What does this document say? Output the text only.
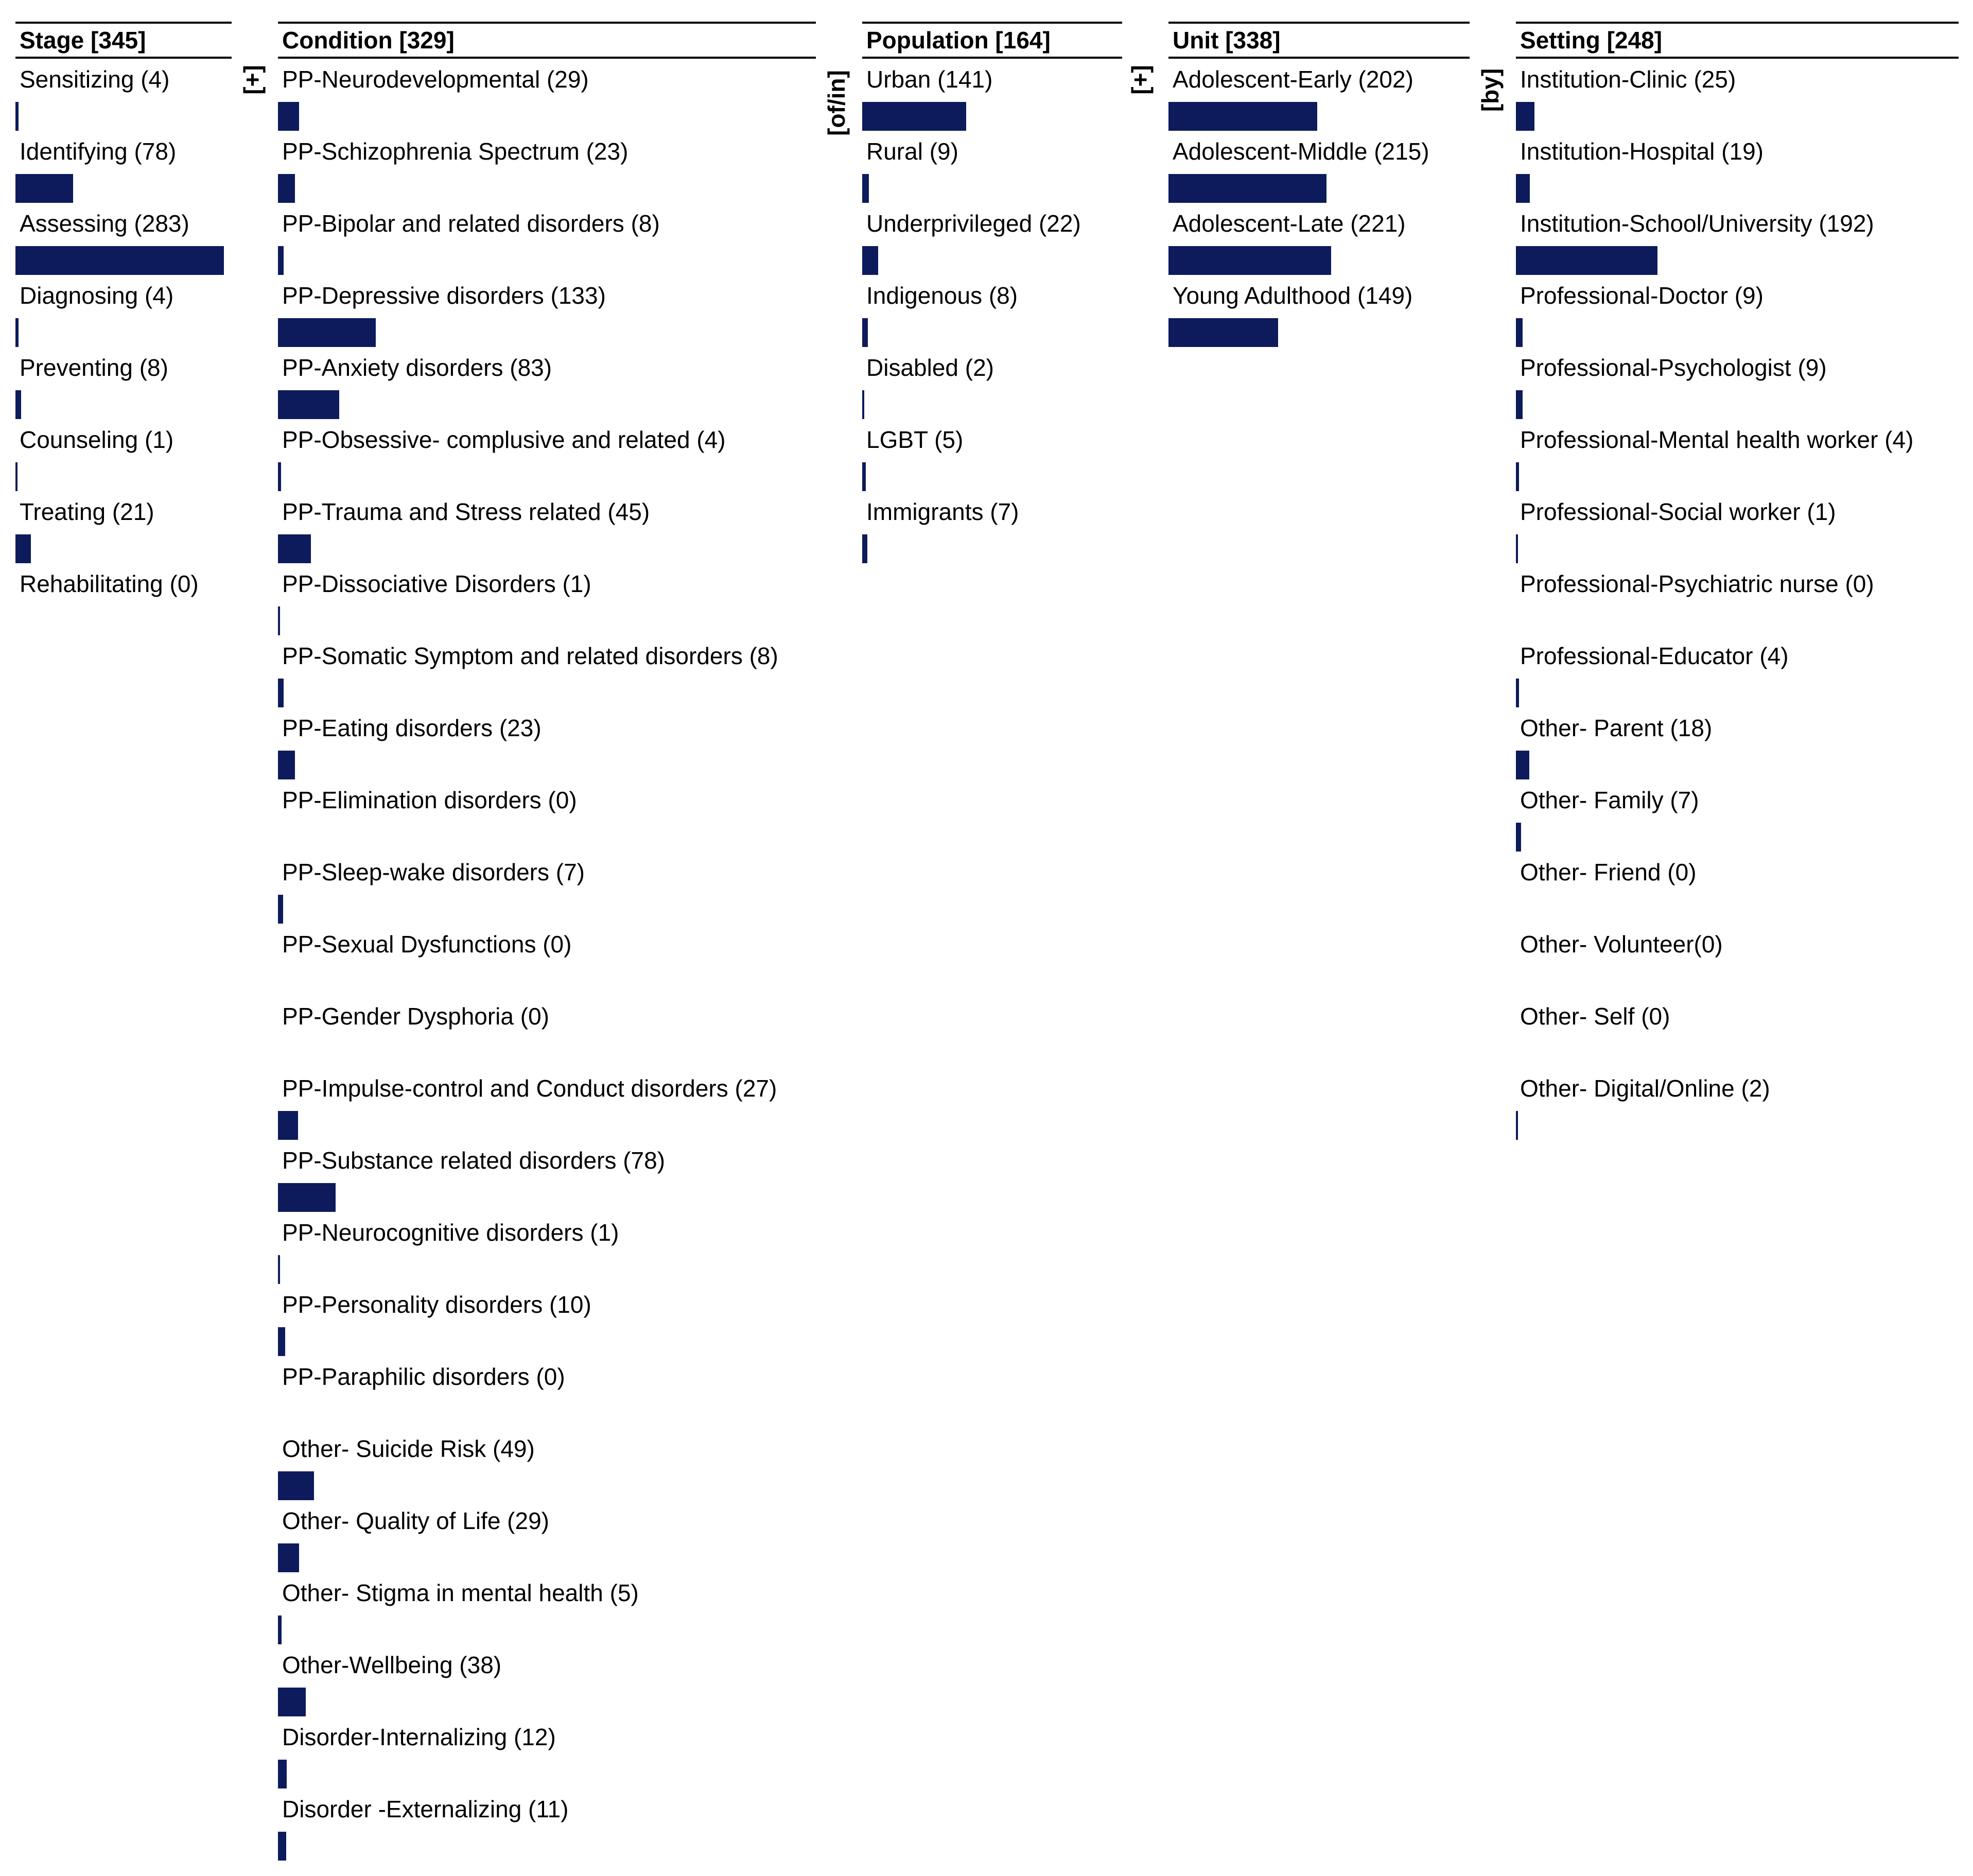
Stage [345]
Sensitizing (4)
Identifying (78)
Assessing (283)
Diagnosing (4)
Preventing (8)
Counseling (1)
Treating (21)
Rehabilitating (0)
Condition [329]
PP-Neurodevelopmental (29)
PP-Schizophrenia Spectrum (23)
PP-Bipolar and related disorders (8)
PP-Depressive disorders (133)
PP-Anxiety disorders (83)
PP-Obsessive- complusive and related (4)
PP-Trauma and Stress related (45)
PP-Dissociative Disorders (1)
PP-Somatic Symptom and related disorders (8)
PP-Eating disorders (23)
PP-Elimination disorders (0)
PP-Sleep-wake disorders (7)
PP-Sexual Dysfunctions (0)
PP-Gender Dysphoria (0)
PP-Impulse-control and Conduct disorders (27)
PP-Substance related disorders (78)
PP-Neurocognitive disorders (1)
PP-Personality disorders (10)
PP-Paraphilic disorders (0)
Other- Suicide Risk (49)
Other- Quality of Life (29)
Other- Stigma in mental health (5)
Other-Wellbeing (38)
Disorder-Internalizing (12)
Disorder -Externalizing (11)
Population [164]
Urban (141)
Rural (9)
Underprivileged (22)
Indigenous (8)
Disabled (2)
LGBT (5)
Immigrants (7)
Unit [338]
Adolescent-Early (202)
Adolescent-Middle (215)
Adolescent-Late (221)
Young Adulthood (149)
Setting [248]
Institution-Clinic (25)
Institution-Hospital (19)
Institution-School/University (192)
Professional-Doctor (9)
Professional-Psychologist (9)
Professional-Mental health worker (4)
Professional-Social worker (1)
Professional-Psychiatric nurse (0)
Professional-Educator (4)
Other- Parent (18)
Other- Family (7)
Other- Friend (0)
Other- Volunteer(0)
Other- Self (0)
Other- Digital/Online (2)
[+]	[of/in]	[+]	[by]
